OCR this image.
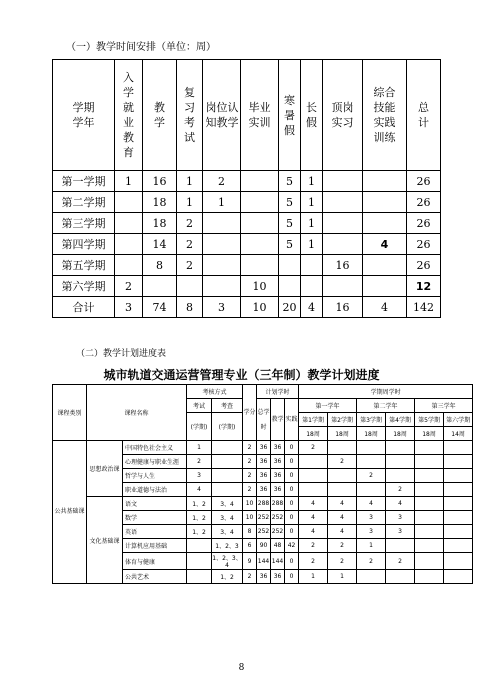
（一）教学时间安排（单位：周）
学期
学年	入学就业教育	教学	复习考试	岗位认知教学	毕业实训	寒暑假	长假	顶岗实习	综合技能实践训练	总计
第一学期	1	16	1	2		5	1			26
第二学期		18	1	1		5	1			26
第三学期		18	2			5	1			26
第四学期		14	2			5	1		4	26
第五学期		8	2					16		26
第六学期	2				10					12
合计	3	74	8	3	10	20	4	16	4	142
（二）教学计划进度表
城市轨道交通运营管理专业（三年制）教学计划进度
课程类别	课程名称		考核方式		学分	计划学时			学期周学时					
			考试	考查		总学时	教学	实践	第一学年		第二学年		第三学年	
			(学期)	(学期)					第1学期	第2学期	第3学期	第4学期	第5学期	第六学期
									18周	18周	18周	18周	18周	14周
公共基础课	思想政治课	中国特色社会主义	1		2	36	36	0	2					
		心理健康与职业生涯	2		2	36	36	0		2				
		哲学与人生	3		2	36	36	0			2			
		职业道德与法治	4		2	36	36	0				2		
	文化基础课	语文	1、2	3、4	10	288	288	0	4	4	4	4		
		数学	1、2	3、4	10	252	252	0	4	4	3	3		
		英语	1、2	3、4	8	252	252	0	4	4	3	3		
		计算机应用基础		1、2、3	6	90	48	42	2	2	1			
		体育与健康		1、2、3、4	9	144	144	0	2	2	2	2		
		公共艺术		1、2	2	36	36	0	1	1				
8
